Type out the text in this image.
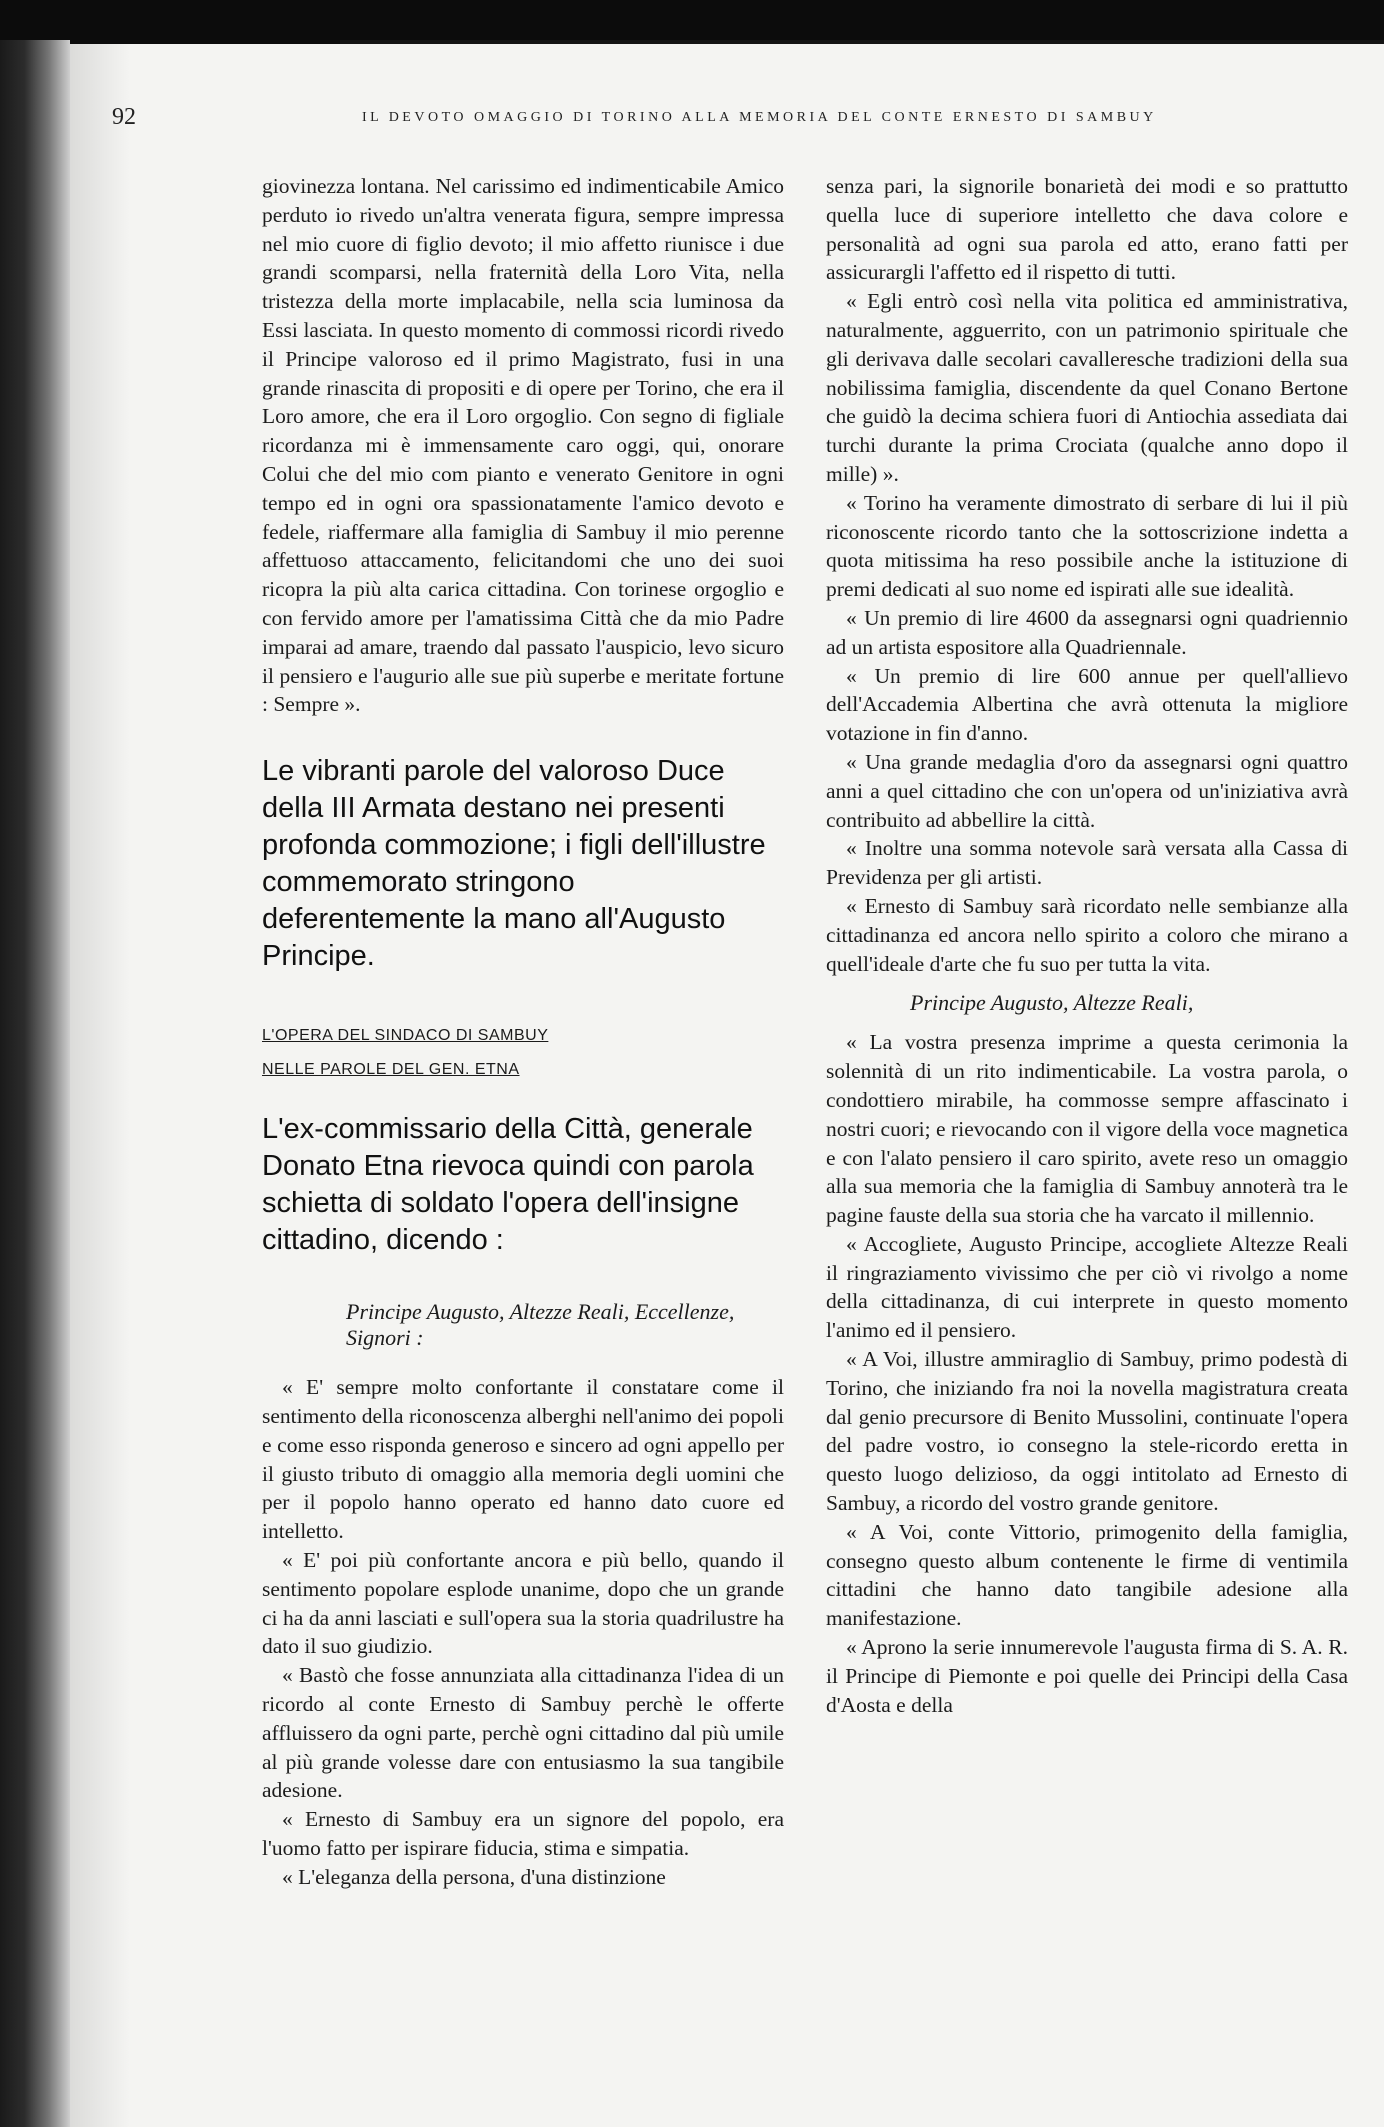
92	IL DEVOTO OMAGGIO DI TORINO ALLA MEMORIA DEL CONTE ERNESTO DI SAMBUY

giovinezza lontana. Nel carissimo ed indimenticabile Amico perduto io rivedo un'altra venerata figura, sempre impressa nel mio cuore di figlio devoto; il mio affetto riunisce i due grandi scomparsi, nella fraternità della Loro Vita, nella tristezza della morte implacabile, nella scia luminosa da Essi lasciata. In questo momento di commossi ricordi rivedo il Principe valoroso ed il primo Magistrato, fusi in una grande rinascita di propositi e di opere per Torino, che era il Loro amore, che era il Loro orgoglio. Con segno di figliale ricordanza mi è immensamente caro oggi, qui, onorare Colui che del mio com pianto e venerato Genitore in ogni tempo ed in ogni ora spassionatamente l'amico devoto e fedele, riaffermare alla famiglia di Sambuy il mio perenne affettuoso attaccamento, felicitandomi che uno dei suoi ricopra la più alta carica cittadina. Con torinese orgoglio e con fervido amore per l'amatissima Città che da mio Padre imparai ad amare, traendo dal passato l'auspicio, levo sicuro il pensiero e l'augurio alle sue più superbe e meritate fortune : Sempre ».

Le vibranti parole del valoroso Duce della III Armata destano nei presenti profonda commozione; i figli dell'illustre commemorato stringono deferentemente la mano all'Augusto Principe.

L'OPERA DEL SINDACO DI SAMBUY

NELLE PAROLE DEL GEN. ETNA

L'ex-commissario della Città, generale Donato Etna rievoca quindi con parola schietta di soldato l'opera dell'insigne cittadino, dicendo :

Principe Augusto, Altezze Reali, Eccellenze, Signori :

« E' sempre molto confortante il constatare come il sentimento della riconoscenza alberghi nell'animo dei popoli e come esso risponda generoso e sincero ad ogni appello per il giusto tributo di omaggio alla memoria degli uomini che per il popolo hanno operato ed hanno dato cuore ed intelletto.

« E' poi più confortante ancora e più bello, quando il sentimento popolare esplode unanime, dopo che un grande ci ha da anni lasciati e sull'opera sua la storia quadrilustre ha dato il suo giudizio.

« Bastò che fosse annunziata alla cittadinanza l'idea di un ricordo al conte Ernesto di Sambuy perchè le offerte affluissero da ogni parte, perchè ogni cittadino dal più umile al più grande volesse dare con entusiasmo la sua tangibile adesione.

« Ernesto di Sambuy era un signore del popolo, era l'uomo fatto per ispirare fiducia, stima e simpatia.

« L'eleganza della persona, d'una distinzione

senza pari, la signorile bonarietà dei modi e so prattutto quella luce di superiore intelletto che dava colore e personalità ad ogni sua parola ed atto, erano fatti per assicurargli l'affetto ed il rispetto di tutti.

« Egli entrò così nella vita politica ed amministrativa, naturalmente, agguerrito, con un patrimonio spirituale che gli derivava dalle secolari cavalleresche tradizioni della sua nobilissima famiglia, discendente da quel Conano Bertone che guidò la decima schiera fuori di Antiochia assediata dai turchi durante la prima Crociata (qualche anno dopo il mille) ».

« Torino ha veramente dimostrato di serbare di lui il più riconoscente ricordo tanto che la sottoscrizione indetta a quota mitissima ha reso possibile anche la istituzione di premi dedicati al suo nome ed ispirati alle sue idealità.

« Un premio di lire 4600 da assegnarsi ogni quadriennio ad un artista espositore alla Quadriennale.

« Un premio di lire 600 annue per quell'allievo dell'Accademia Albertina che avrà ottenuta la migliore votazione in fin d'anno.

« Una grande medaglia d'oro da assegnarsi ogni quattro anni a quel cittadino che con un'opera od un'iniziativa avrà contribuito ad abbellire la città.

« Inoltre una somma notevole sarà versata alla Cassa di Previdenza per gli artisti.

« Ernesto di Sambuy sarà ricordato nelle sembianze alla cittadinanza ed ancora nello spirito a coloro che mirano a quell'ideale d'arte che fu suo per tutta la vita.

Principe Augusto, Altezze Reali,

« La vostra presenza imprime a questa cerimonia la solennità di un rito indimenticabile. La vostra parola, o condottiero mirabile, ha commosse sempre affascinato i nostri cuori; e rievocando con il vigore della voce magnetica e con l'alato pensiero il caro spirito, avete reso un omaggio alla sua memoria che la famiglia di Sambuy annoterà tra le pagine fauste della sua storia che ha varcato il millennio.

« Accogliete, Augusto Principe, accogliete Altezze Reali il ringraziamento vivissimo che per ciò vi rivolgo a nome della cittadinanza, di cui interprete in questo momento l'animo ed il pensiero.

« A Voi, illustre ammiraglio di Sambuy, primo podestà di Torino, che iniziando fra noi la novella magistratura creata dal genio precursore di Benito Mussolini, continuate l'opera del padre vostro, io consegno la stele-ricordo eretta in questo luogo delizioso, da oggi intitolato ad Ernesto di Sambuy, a ricordo del vostro grande genitore.

« A Voi, conte Vittorio, primogenito della famiglia, consegno questo album contenente le firme di ventimila cittadini che hanno dato tangibile adesione alla manifestazione.

« Aprono la serie innumerevole l'augusta firma di S. A. R. il Principe di Piemonte e poi quelle dei Principi della Casa d'Aosta e della
